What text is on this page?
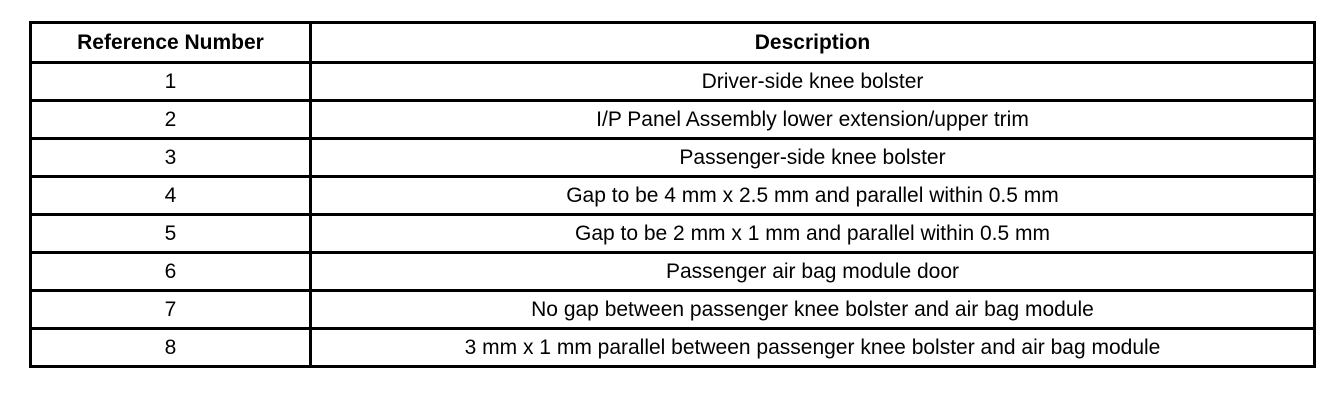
Reference Number	Description
1	Driver-side knee bolster
2	I/P Panel Assembly lower extension/upper trim
3	Passenger-side knee bolster
4	Gap to be 4 mm x 2.5 mm and parallel within 0.5 mm
5	Gap to be 2 mm x 1 mm and parallel within 0.5 mm
6	Passenger air bag module door
7	No gap between passenger knee bolster and air bag module
8	3 mm x 1 mm parallel between passenger knee bolster and air bag module
